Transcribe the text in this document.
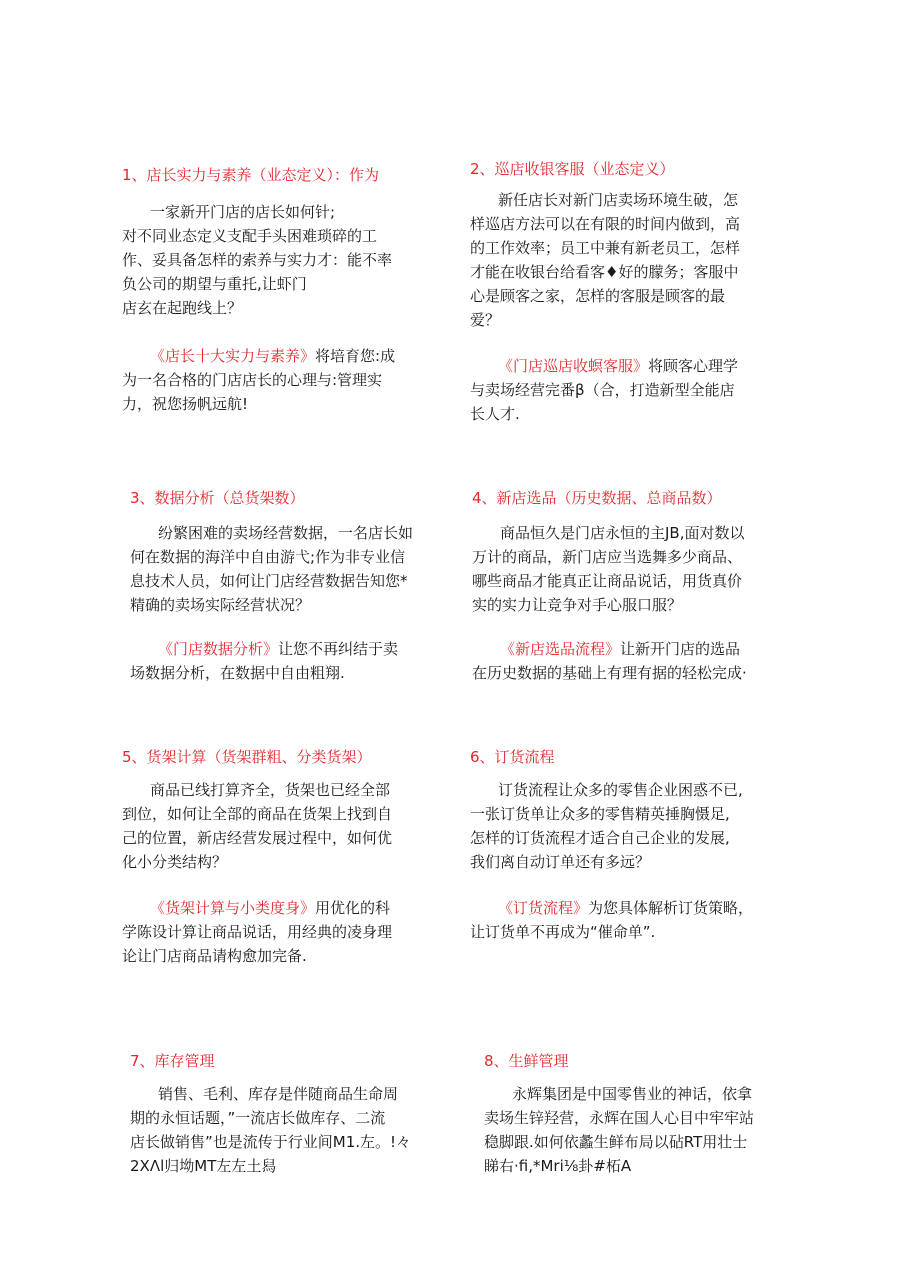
1、店长实力与素养（业态定义）：作为
一家新开门店的店长如何针;
对不同业态定义支配手头困难琐碎的工
作、妥具备怎样的索养与实力才：能不率
负公司的期望与重托,让虾门
店玄在起跑线上？
《店长十大实力与素养》将培育您:成
为一名合格的门店店长的心理与:管理实
力，祝您扬帆远航!
2、巡店收银客服（业态定义）
新任店长对新门店卖场环境生破，怎
样巡店方法可以在有限的时间内做到，高
的工作效率；员工中兼有新老员工，怎样
才能在收银台给看客♦好的朦务；客服中
心是顾客之家，怎样的客服是顾客的最
爱？
《门店巡店收螟客服》将顾客心理学
与卖场经营完番β（合，打造新型全能店
长人才.
3、数据分析（总货架数）
纷繁困难的卖场经营数据，一名店长如
何在数据的海洋中自由游弋;作为非专业信
息技术人员，如何让门店经营数据告知您*
精确的卖场实际经营状况？
《门店数据分析》让您不再纠结于卖
场数据分析，在数据中自由粗翔.
4、新店选品（历史数据、总商品数）
商品恒久是门店永恒的主JB,面对数以
万计的商品，新门店应当选舞多少商品、
哪些商品才能真正让商品说话，用货真价
实的实力让竞争对手心服口服？
《新店选品流程》让新开门店的选品
在历史数据的基础上有理有据的轻松完成·
5、货架计算（货架群粗、分类货架）
商品已线打算齐全，货架也已经全部
到位，如何让全部的商品在货架上找到自
己的位置，新店经营发展过程中，如何优
化小分类结构？
《货架计算与小类度身》用优化的科
学陈设计算让商品说话，用经典的凌身理
论让门店商品请构愈加完备.
6、订货流程
订货流程让众多的零售企业困惑不已,
一张订货单让众多的零售精英捶胸慑足,
怎样的订货流程才适合自己企业的发展,
我们离自动订单还有多远？
《订货流程》为您具体解析订货策略，
让订货单不再成为“催命单”.
7、库存管理
销售、毛利、库存是伴随商品生命周
期的永恒话题，”一流店长做库存、二流
店长做销售”也是流传于行业间M1.左。!々
2XΛl归坳MT左左土舄
8、生鲜管理
永辉集团是中国零售业的神话，依拿
卖场生锌羟营，永辉在国人心目中牢牢站
稳脚跟.如何依蠡生鲜布局以砧RT用壮士
睇右·fi,*Mri⅛卦#柘A
